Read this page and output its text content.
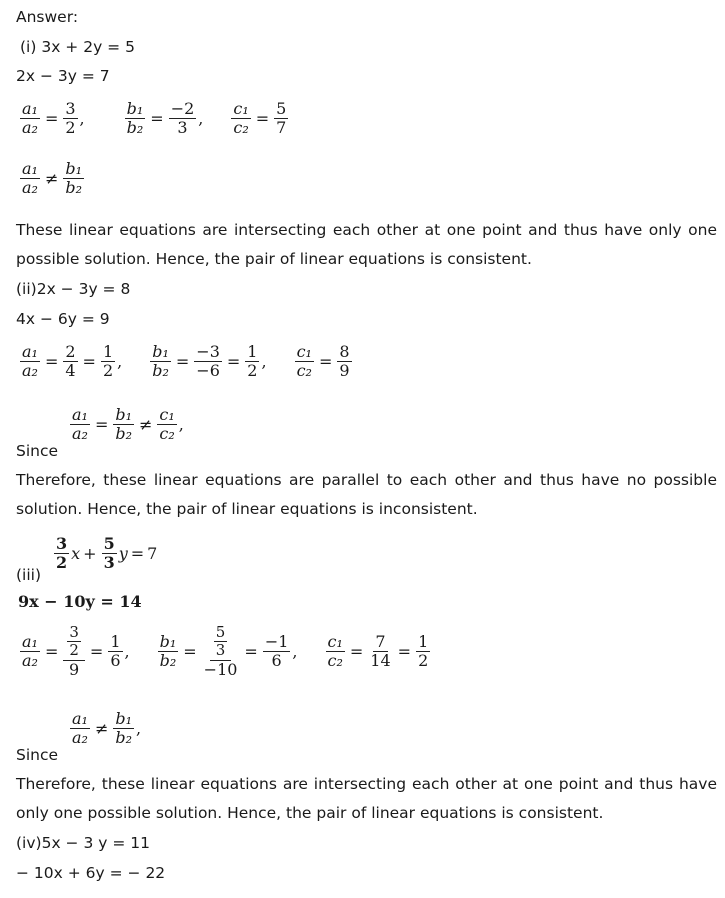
Answer:
(i) 3x + 2y = 5
2x − 3y = 7
$\frac{\text{a₁}}{\text{a₂}} = \frac{3}{2}$ ,	$\frac{\text{b₁}}{\text{b₂}} = \frac{-2}{3}$ , $\frac{\text{c₁}}{\text{c₂}} = \frac{5}{7}$
$\frac{\text{a₁}}{\text{a₂}} \ne \frac{\text{b₁}}{\text{b₂}}$
These linear equations are intersecting each other at one point and thus have only one possible solution. Hence, the pair of linear equations is consistent.
(ii)2x − 3y = 8
4x − 6y = 9
$\frac{\text{a₁}}{\text{a₂}} = \frac{2}{4} = \frac{1}{2}$ , $\frac{\text{b₁}}{\text{b₂}} = \frac{-3}{-6} = \frac{1}{2}$ , $\frac{\text{c₁}}{\text{c₂}} = \frac{8}{9}$
Since
$\frac{\text{a₁}}{\text{a₂}} = \frac{\text{b₁}}{\text{b₂}} \ne \frac{\text{c₁}}{\text{c₂}}$ ,
Therefore, these linear equations are parallel to each other and thus have no possible solution. Hence, the pair of linear equations is inconsistent.
(iii)
$\frac{3}{2}$ $x + \frac{5}{3}$ y = 7
9x − 10y = 14
$\frac{\text{a₁}}{\text{a₂}} = \frac{\frac{3}{2}}{9} = \frac{1}{6}$ , $\frac{\text{b₁}}{\text{b₂}} = \frac{\frac{5}{3}}{-10} = \frac{-1}{6}$ , $\frac{\text{c₁}}{\text{c₂}} = \frac{7}{14} = \frac{1}{2}$
Since
$\frac{\text{a₁}}{\text{a₂}} \ne \frac{\text{b₁}}{\text{b₂}}$ ,
Therefore, these linear equations are intersecting each other at one point and thus have only one possible solution. Hence, the pair of linear equations is consistent.
(iv)5x − 3 y = 11
− 10x + 6y = − 22
